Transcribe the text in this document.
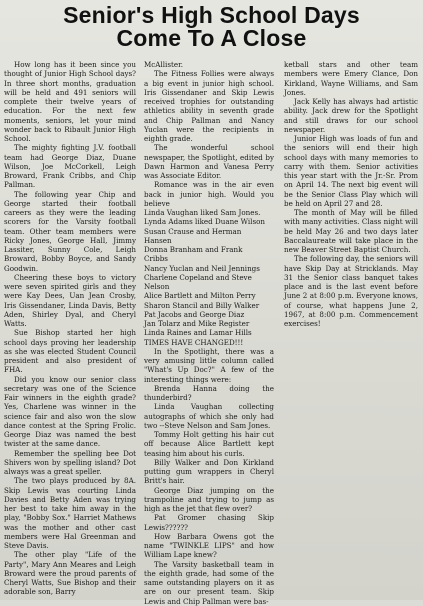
Senior's High School Days
Come To A Close

How long has it been since you thought of Junior High School days? In three short months, graduation will be held and 491 seniors will complete their twelve years of education. For the next few moments, seniors, let your mind wonder back to Ribault Junior High School.

The mighty fighting J.V. football team had George Diaz, Duane Wilson, Joe McCorkell, Leigh Broward, Frank Cribbs, and Chip Pallman.

The following year Chip and George started their football careers as they were the leading scorers for the Varsity football team. Other team members were Ricky Jones, George Hall, Jimmy Lassiter, Sunny Cole, Leigh Broward, Bobby Boyce, and Sandy Goodwin.

Cheering these boys to victory were seven spirited girls and they were Kay Dees, Uan Jean Crosby, Iris Gissendaner, Linda Davis, Betty Aden, Shirley Dyal, and Cheryl Watts.

Sue Bishop started her high school days proving her leadership as she was elected Student Council president and also president of FHA.

Did you know our senior class secretary was one of the Science Fair winners in the eighth grade? Yes, Charlene was winner in the science fair and also won the slow dance contest at the Spring Frolic. George Diaz was named the best twister at the same dance.

Remember the spelling bee Dot Shivers won by spelling island? Dot always was a great speller.

The two plays produced by 8A. Skip Lewis was courting Linda Davies and Betty Aden was trying her best to take him away in the play, "Bobby Sox." Harriet Mathews was the mother and other cast members were Hal Greenman and Steve Davis.

The other play "Life of the Party", Mary Ann Meares and Leigh Broward were the proud parents of Cheryl Watts, Sue Bishop and their adorable son, Barry

McAllister.

The Fitness Follies were always a big event in junior high school. Iris Gissendaner and Skip Lewis received trophies for outstanding athletics ability in seventh grade and Chip Pallman and Nancy Yuclan were the recipients in eighth grade.

The wonderful school newspaper, the Spotlight, edited by Dawn Harmon and Vanesa Perry was Associate Editor.

Romance was in the air even back in junior high. Would you believe

Linda Vaughan liked Sam Jones.
Lynda Adams liked Duane Wilson
Susan Crause and Herman
Hansen
Donna Branham and Frank
Cribbs
Nancy Yuclan and Neil Jennings
Charlene Copeland and Steve
Nelson
Alice Bartlett and Milton Perry
Sharon Stancil and Billy Walker
Pat Jacobs and George Diaz
Jan Tolarz and Mike Register
Linda Raines and Lamar Hills
TIMES HAVE CHANGED!!!

In the Spotlight, there was a very amusing little column called "What's Up Doc?" A few of the interesting things were:

Brenda Hanna doing the thunderbird?

Linda Vaughan collecting autographs of which she only had two --Steve Nelson and Sam Jones.

Tommy Holt getting his hair cut off because Alice Bartlett kept teasing him about his curls.

Billy Walker and Don Kirkland putting gum wrappers in Cheryl Britt's hair.

George Diaz jumping on the trampoline and trying to jump as high as the jet that flew over?

Pat Gromer chasing Skip Lewis??????

How Barbara Owens got the name "TWINKLE LIPS" and how William Lape knew?

The Varsity basketball team in the eighth grade, had some of the same outstanding players on it as are on our present team. Skip Lewis and Chip Pallman were bas-

ketball stars and other team members were Emery Clance, Don Kirkland, Wayne Williams, and Sam Jones.

Jack Kelly has always had artistic ability. Jack drew for the Spotlight and still draws for our school newspaper.

Junior High was loads of fun and the seniors will end their high school days with many memories to carry with them. Senior activities this year start with the Jr.-Sr. Prom on April 14. The next big event will be the Senior Class Play which will be held on April 27 and 28.

The month of May will be filled with many activities. Class night will be held May 26 and two days later Baccalaureate will take place in the new Beaver Street Baptist Church.

The following day, the seniors will have Skip Day at Stricklands. May 31 the Senior class banquet takes place and is the last event before June 2 at 8:00 p.m. Everyone knows, of course, what happens June 2, 1967, at 8:00 p.m. Commencement exercises!
